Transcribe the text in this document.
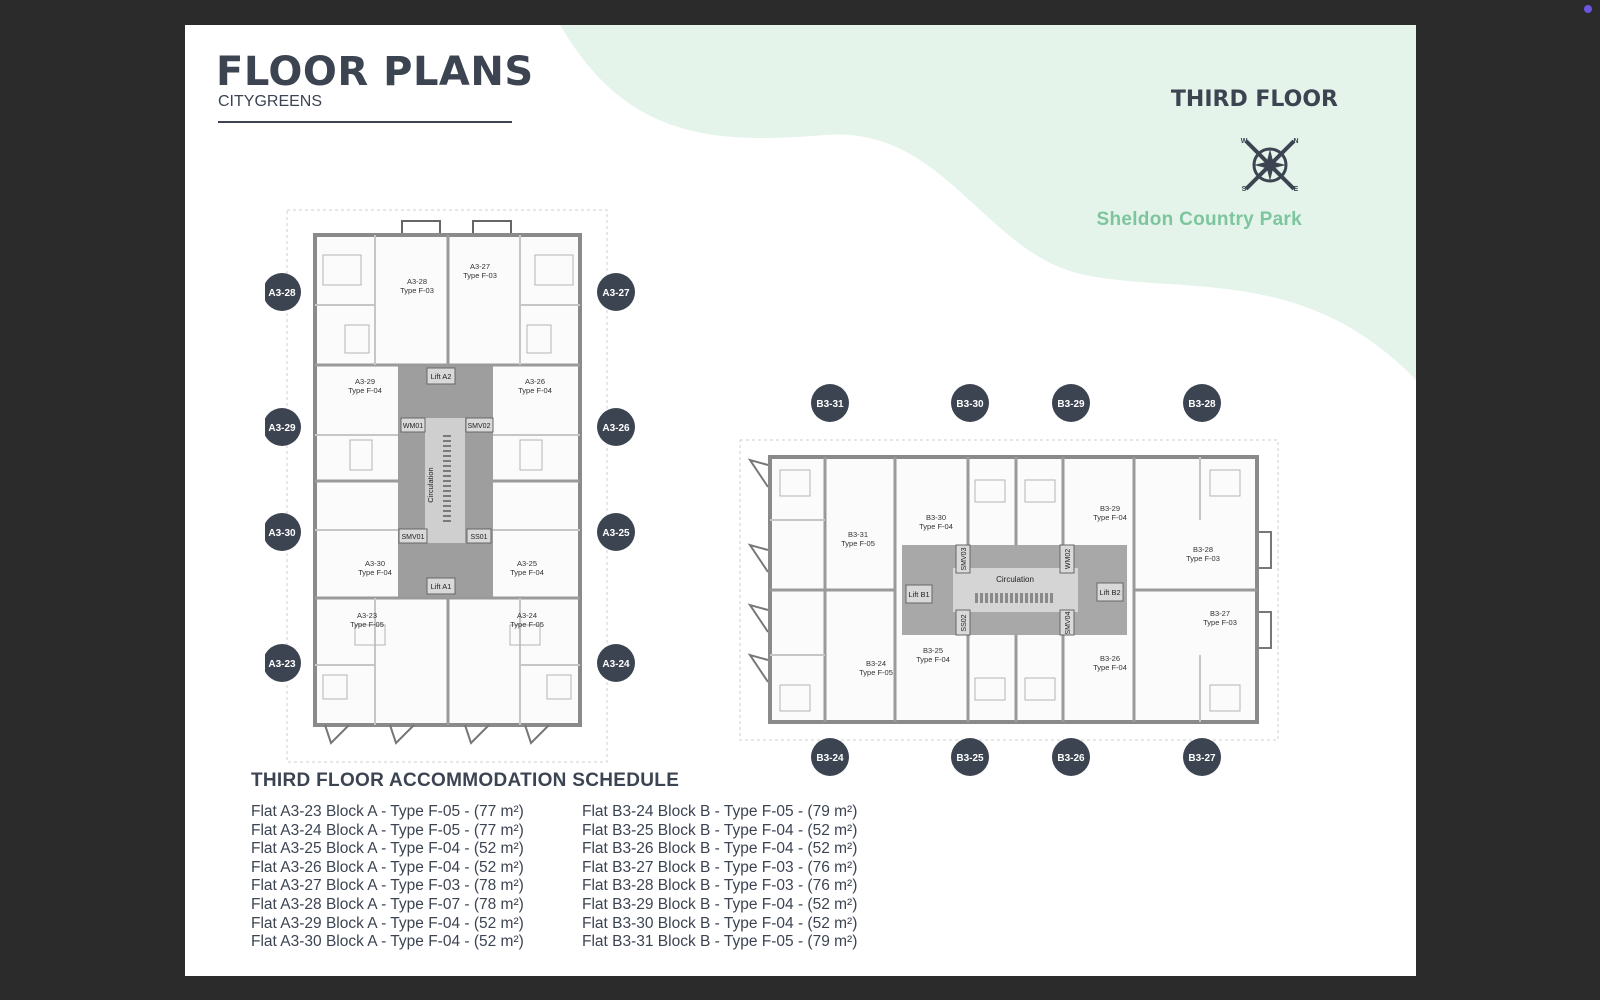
FLOOR PLANS

CITYGREENS	THIRD FLOOR
N
E
S
W
Sheldon Country Park
Lift A2
WM01	SMV02
Circulation
SMV01	SS01
Lift A1
A3-28
Type F-03
A3-27
Type F-03
A3-29
Type F-04
A3-26
Type F-04
A3-30
Type F-04
A3-25
Type F-04
A3-23
Type F-05
A3-24
Type F-05
A3-28
A3-29
A3-30
A3-23
A3-27
A3-26
A3-25
A3-24
Lift B1	Lift B2
SMV03	WM02
Circulation
SS02	SMV04
B3-31
Type F-05
B3-30
Type F-04
B3-29
Type F-04
B3-28
Type F-03
B3-27
Type F-03
B3-24
Type F-05
B3-25
Type F-04	B3-26
Type F-04
B3-31	B3-30	B3-29	B3-28
B3-24	B3-25	B3-26	B3-27
THIRD FLOOR ACCOMMODATION SCHEDULE
Flat A3-23 Block A - Type F-05 - (77 m²)
Flat A3-24 Block A - Type F-05 - (77 m²)
Flat A3-25 Block A - Type F-04 - (52 m²)
Flat A3-26 Block A - Type F-04 - (52 m²)
Flat A3-27 Block A - Type F-03 - (78 m²)
Flat A3-28 Block A - Type F-07 - (78 m²)
Flat A3-29 Block A - Type F-04 - (52 m²)
Flat A3-30 Block A - Type F-04 - (52 m²)
Flat B3-24 Block B - Type F-05 - (79 m²)
Flat B3-25 Block B - Type F-04 - (52 m²)
Flat B3-26 Block B - Type F-04 - (52 m²)
Flat B3-27 Block B - Type F-03 - (76 m²)
Flat B3-28 Block B - Type F-03 - (76 m²)
Flat B3-29 Block B - Type F-04 - (52 m²)
Flat B3-30 Block B - Type F-04 - (52 m²)
Flat B3-31 Block B - Type F-05 - (79 m²)
